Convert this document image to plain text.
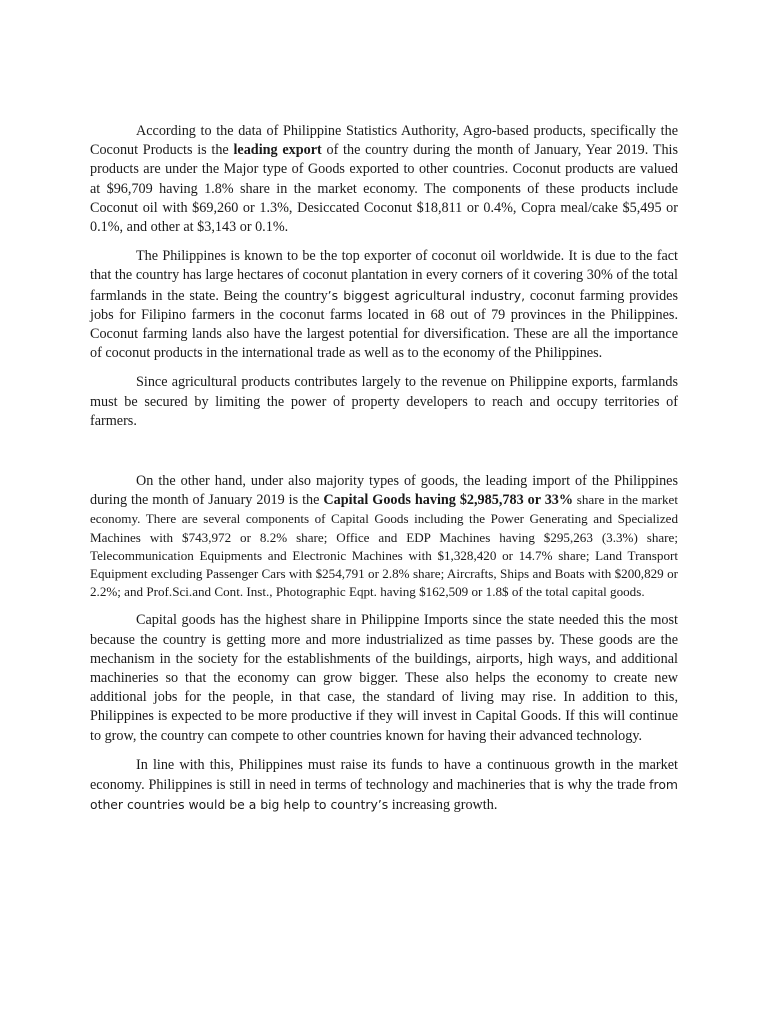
According to the data of Philippine Statistics Authority, Agro-based products, specifically the Coconut Products is the leading export of the country during the month of January, Year 2019. This products are under the Major type of Goods exported to other countries. Coconut products are valued at $96,709 having 1.8% share in the market economy. The components of these products include Coconut oil with $69,260 or 1.3%, Desiccated Coconut $18,811 or 0.4%, Copra meal/cake $5,495 or 0.1%, and other at $3,143 or 0.1%.

The Philippines is known to be the top exporter of coconut oil worldwide. It is due to the fact that the country has large hectares of coconut plantation in every corners of it covering 30% of the total farmlands in the state. Being the country’s biggest agricultural industry, coconut farming provides jobs for Filipino farmers in the coconut farms located in 68 out of 79 provinces in the Philippines. Coconut farming lands also have the largest potential for diversification. These are all the importance of coconut products in the international trade as well as to the economy of the Philippines.

Since agricultural products contributes largely to the revenue on Philippine exports, farmlands must be secured by limiting the power of property developers to reach and occupy territories of farmers.

On the other hand, under also majority types of goods, the leading import of the Philippines during the month of January 2019 is the Capital Goods having $2,985,783 or 33% share in the market economy. There are several components of Capital Goods including the Power Generating and Specialized Machines with $743,972 or 8.2% share; Office and EDP Machines having $295,263 (3.3%) share; Telecommunication Equipments and Electronic Machines with $1,328,420 or 14.7% share; Land Transport Equipment excluding Passenger Cars with $254,791 or 2.8% share; Aircrafts, Ships and Boats with $200,829 or 2.2%; and Prof.Sci.and Cont. Inst., Photographic Eqpt. having $162,509 or 1.8$ of the total capital goods.

Capital goods has the highest share in Philippine Imports since the state needed this the most because the country is getting more and more industrialized as time passes by. These goods are the mechanism in the society for the establishments of the buildings, airports, high ways, and additional machineries so that the economy can grow bigger. These also helps the economy to create new additional jobs for the people, in that case, the standard of living may rise. In addition to this, Philippines is expected to be more productive if they will invest in Capital Goods. If this will continue to grow, the country can compete to other countries known for having their advanced technology.

In line with this, Philippines must raise its funds to have a continuous growth in the market economy. Philippines is still in need in terms of technology and machineries that is why the trade from other countries would be a big help to country’s increasing growth.
